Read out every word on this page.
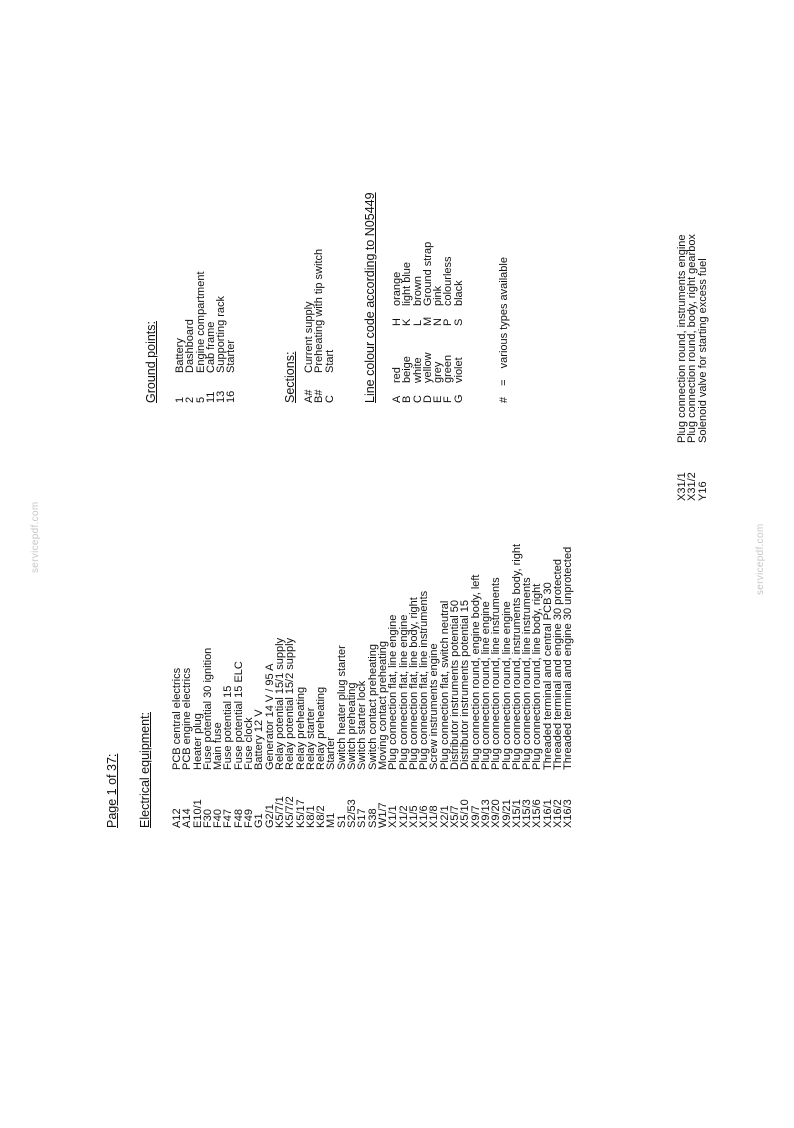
Page 1 of 37: Electrical equipment: A12PCB central electrics
A14PCB engine electrics
E10/1Heater plug
F30Fuse potential 30 ignition
F40Main fuse
F47Fuse potential 15
F48Fuse potential 15 ELC
F49Fuse clock
G1Battery 12 V
G2/1Generator 14 V / 95 A
K5/7/1Relay potential 15/1 supply
K5/7/2Relay potential 15/2 supply
K5/17Relay preheating
K8/1Relay starter
K8/2Relay preheating
M1Starter
S1Switch heater plug starter
S2/53Switch preheating
S17Switch starter lock
S38Switch contact preheating
W1/7Moving contact preheating
X1/1Plug connection flat, line engine
X1/2Plug connection flat, line engine
X1/5Plug connection flat, line body, right
X1/6Plug connection flat, line instruments
X1/8Screw instruments engine
X2/1Plug connection flat, switch neutral
X5/7Distributor instruments potential 50
X5/10Distributor instruments potential 15
X9/7Plug connection round, engine body, left
X9/13Plug connection round, line engine
X9/20Plug connection round, line instruments
X9/21Plug connection round, line engine
X15/1Plug connection round, instruments body, right
X15/3Plug connection round, line instruments
X15/6Plug connection round, line body, right
X16/1Threaded terminal and central PCB 30
X16/2Threaded terminal and engine 30 protected
X16/3Threaded terminal and engine 30 unprotected
X31/1Plug connection round, instruments engine
X31/2Plug connection round, body, right gearbox
Y16Solenoid valve for starting excess fuel
Ground points: 1Battery
2Dashboard
5Engine compartment
11Cab frame
13Supporting rack
16Starter	Sections: A#Current supply
B#Preheating with tip switch
CStart Line colour code according to N05449 AredHorange
BbeigeKlight blue
CwhiteLbrown
DyellowMGround strap
EgreyNpink
FgreenPcolourless
GvioletSblack
# = various types available
servicepdf.com	servicepdf.com
